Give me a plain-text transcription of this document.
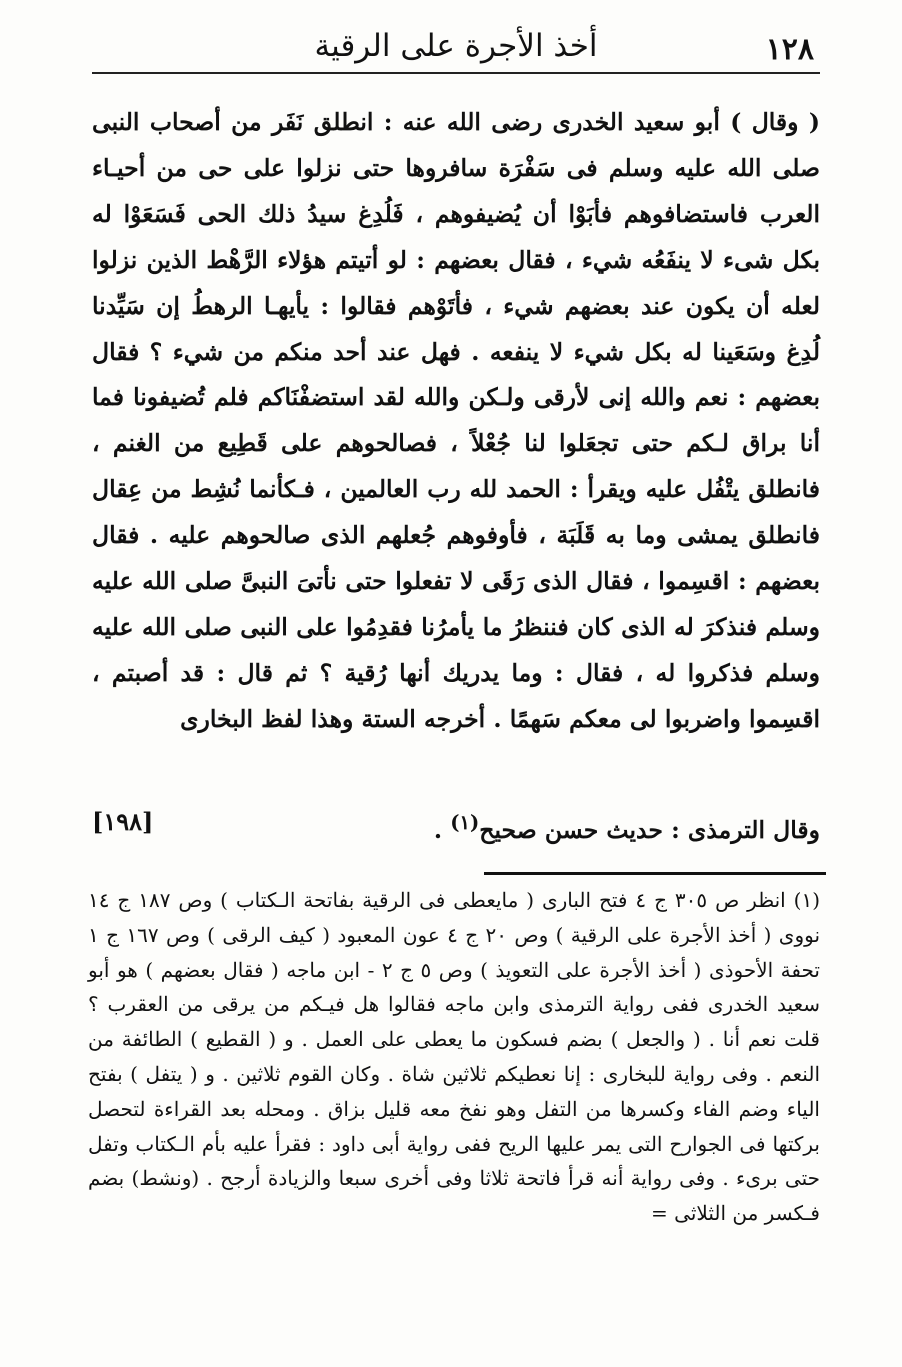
١٢٨
أخذ الأجرة على الرقية

( وقال ) أبو سعيد الخدرى رضى الله عنه : انطلق نَفَر من أصحاب النبى صلى الله عليه وسلم فى سَفْرَة سافروها حتى نزلوا على حى من أحيـاء العرب فاستضافوهم فأبَوْا أن يُضيفوهم ، فَلُدِغ سيدُ ذلك الحى فَسَعَوْا له بكل شىء لا ينفَعُه شيء ، فقال بعضهم : لو أتيتم هؤلاء الرَّهْط الذين نزلوا لعله أن يكون عند بعضهم شيء ، فأتَوْهم فقالوا : يأيهـا الرهطُ إن سَيِّدنا لُدِغ وسَعَينا له بكل شيء لا ينفعه . فهل عند أحد منكم من شيء ؟ فقال بعضهم : نعم والله إنى لأرقى ولـكن والله لقد استضفْنَاكم فلم تُضيفونا فما أنا براق لـكم حتى تجعَلوا لنا جُعْلاً ، فصالحوهم على قَطِيع من الغنم ، فانطلق يتْفُل عليه ويقرأ : الحمد لله رب العالمين ، فـكأنما نُشِط من عِقال فانطلق يمشى وما به قَلَبَة ، فأوفوهم جُعلهم الذى صالحوهم عليه . فقال بعضهم : اقسِموا ، فقال الذى رَقَى لا تفعلوا حتى نأتىَ النبىَّ صلى الله عليه وسلم فنذكرَ له الذى كان فننظرُ ما يأمرُنا فقدِمُوا على النبى صلى الله عليه وسلم فذكروا له ، فقال : وما يدريك أنها رُقية ؟ ثم قال : قد أصبتم ، اقسِموا واضربوا لى معكم سَهمًا . أخرجه الستة وهذا لفظ البخارى

وقال الترمذى : حديث حسن صحيح$^{(١)}$ .
[١٩٨]

(١) انظر ص ٣٠٥ ج ٤ فتح البارى ( مايعطى فى الرقية بفاتحة الـكتاب ) وص ١٨٧ ج ١٤ نووى ( أخذ الأجرة على الرقية ) وص ٢٠ ج ٤ عون المعبود ( كيف الرقى ) وص ١٦٧ ج ١ تحفة الأحوذى ( أخذ الأجرة على التعويذ ) وص ٥ ج ٢ - ابن ماجه ( فقال بعضهم ) هو أبو سعيد الخدرى ففى رواية الترمذى وابن ماجه فقالوا هل فيـكم من يرقى من العقرب ؟ قلت نعم أنا . ( والجعل ) بضم فسكون ما يعطى على العمل . و ( القطيع ) الطائفة من النعم . وفى رواية للبخارى : إنا نعطيكم ثلاثين شاة . وكان القوم ثلاثين . و ( يتفل ) بفتح الياء وضم الفاء وكسرها من التفل وهو نفخ معه قليل بزاق . ومحله بعد القراءة لتحصل بركتها فى الجوارح التى يمر عليها الريح ففى رواية أبى داود : فقرأ عليه بأم الـكتاب وتفل حتى برىء . وفى رواية أنه قرأ فاتحة ثلاثا وفى أخرى سبعا والزيادة أرجح . (ونشط) بضم فـكسر من الثلاثى =
